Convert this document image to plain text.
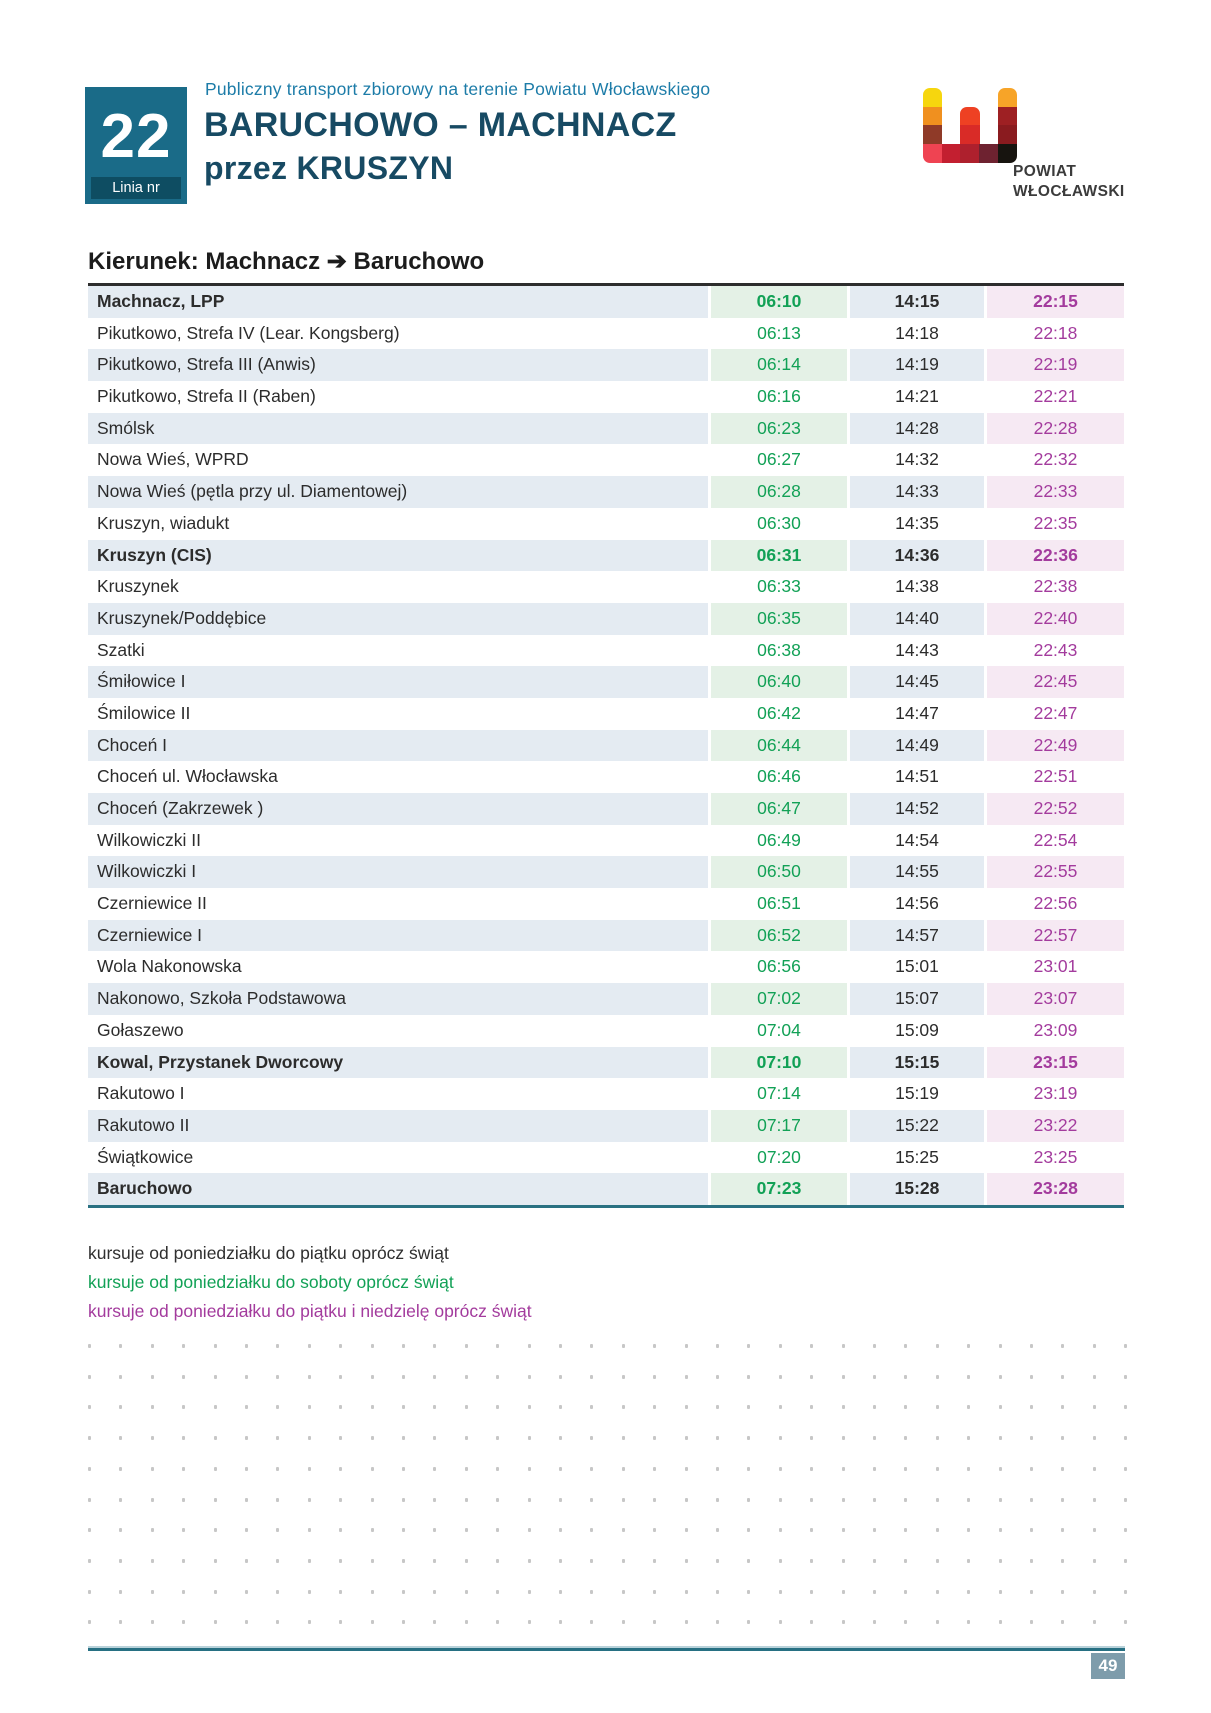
22
Linia nr
Publiczny transport zbiorowy na terenie Powiatu Włocławskiego
BARUCHOWO – MACHNACZ
przez KRUSZYN	POWIAT
WŁOCŁAWSKI
Kierunek: Machnacz ➔ Baruchowo
Machnacz, LPP	06:10	14:15	22:15
Pikutkowo, Strefa IV (Lear. Kongsberg)	06:13	14:18	22:18
Pikutkowo, Strefa III (Anwis)	06:14	14:19	22:19
Pikutkowo, Strefa II (Raben)	06:16	14:21	22:21
Smólsk	06:23	14:28	22:28
Nowa Wieś, WPRD	06:27	14:32	22:32
Nowa Wieś (pętla przy ul. Diamentowej)	06:28	14:33	22:33
Kruszyn, wiadukt	06:30	14:35	22:35
Kruszyn (CIS)	06:31	14:36	22:36
Kruszynek	06:33	14:38	22:38
Kruszynek/Poddębice	06:35	14:40	22:40
Szatki	06:38	14:43	22:43
Śmiłowice I	06:40	14:45	22:45
Śmilowice II	06:42	14:47	22:47
Choceń I	06:44	14:49	22:49
Choceń ul. Włocławska	06:46	14:51	22:51
Choceń (Zakrzewek )	06:47	14:52	22:52
Wilkowiczki II	06:49	14:54	22:54
Wilkowiczki I	06:50	14:55	22:55
Czerniewice II	06:51	14:56	22:56
Czerniewice I	06:52	14:57	22:57
Wola Nakonowska	06:56	15:01	23:01
Nakonowo, Szkoła Podstawowa	07:02	15:07	23:07
Gołaszewo	07:04	15:09	23:09
Kowal, Przystanek Dworcowy	07:10	15:15	23:15
Rakutowo I	07:14	15:19	23:19
Rakutowo II	07:17	15:22	23:22
Świątkowice	07:20	15:25	23:25
Baruchowo	07:23	15:28	23:28
kursuje od poniedziałku do piątku oprócz świąt
kursuje od poniedziałku do soboty oprócz świąt
kursuje od poniedziałku do piątku i niedzielę oprócz świąt
49
